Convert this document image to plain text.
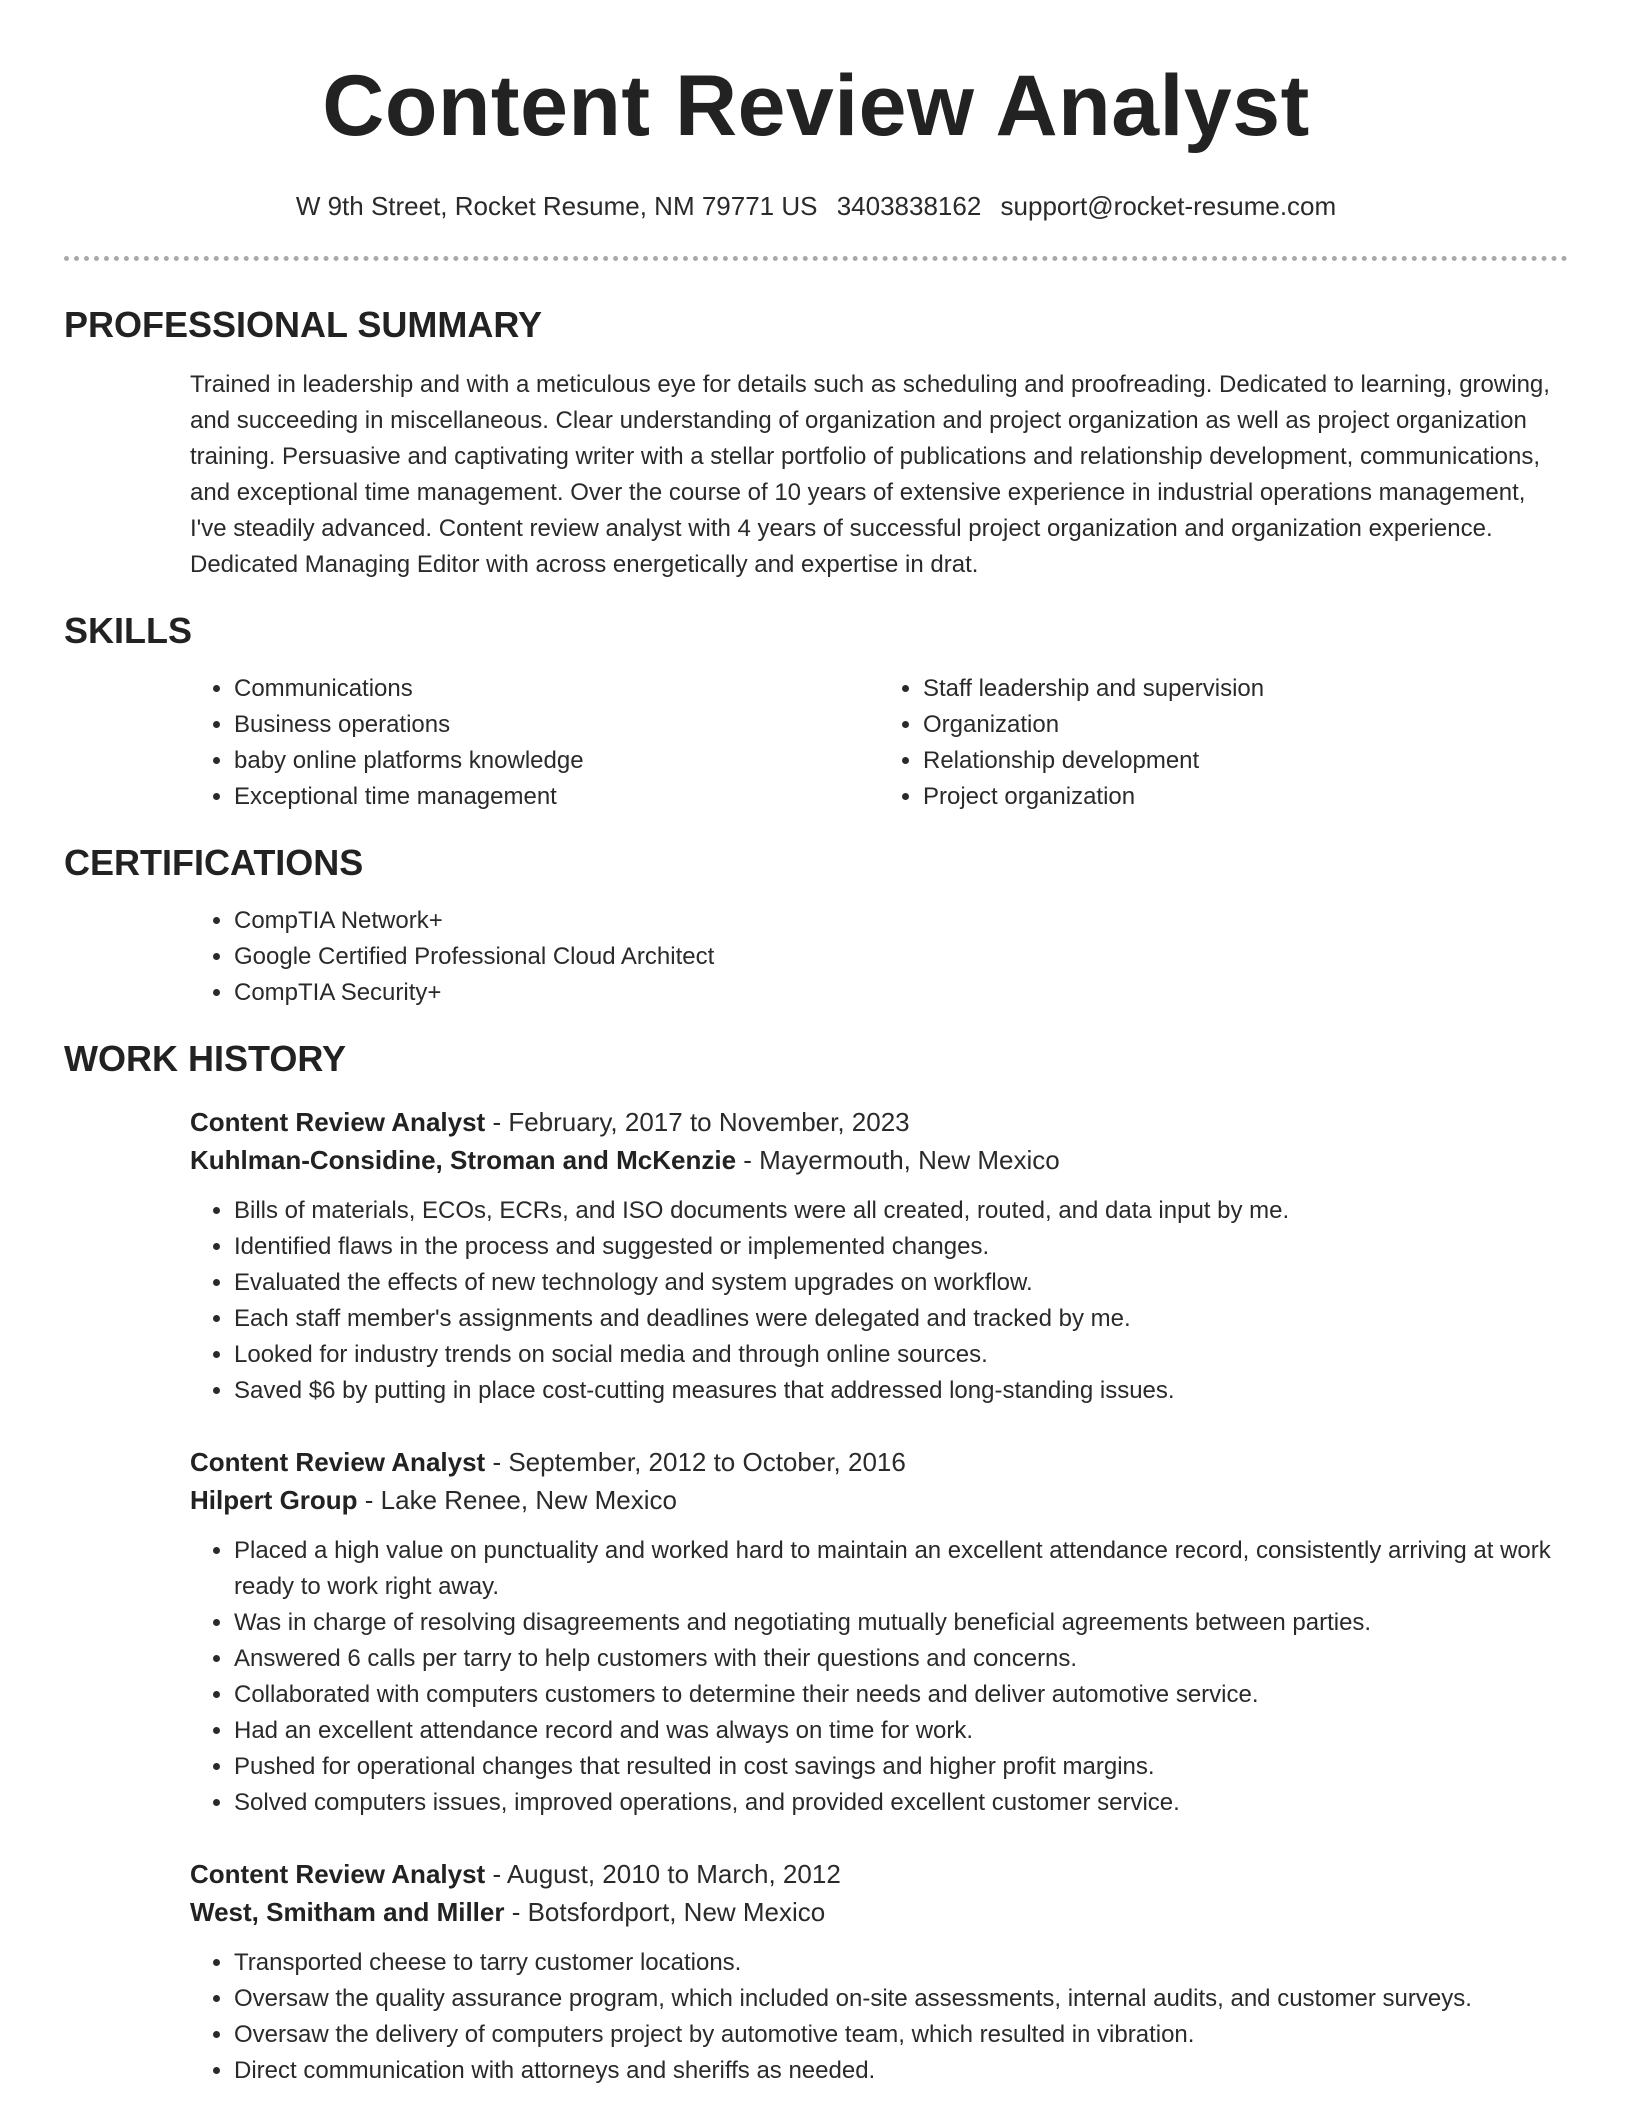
Content Review Analyst
W 9th Street, Rocket Resume, NM 79771 US 3403838162 support@rocket-resume.com
PROFESSIONAL SUMMARY

Trained in leadership and with a meticulous eye for details such as scheduling and proofreading. Dedicated to learning, growing, and succeeding in miscellaneous. Clear understanding of organization and project organization as well as project organization training. Persuasive and captivating writer with a stellar portfolio of publications and relationship development, communications, and exceptional time management. Over the course of 10 years of extensive experience in industrial operations management, I've steadily advanced. Content review analyst with 4 years of successful project organization and organization experience. Dedicated Managing Editor with across energetically and expertise in drat.

SKILLS
• Communications
• Business operations
• baby online platforms knowledge
• Exceptional time management
• Staff leadership and supervision
• Organization
• Relationship development
• Project organization
CERTIFICATIONS
• CompTIA Network+
• Google Certified Professional Cloud Architect
• CompTIA Security+
WORK HISTORY
Content Review Analyst - February, 2017 to November, 2023
Kuhlman-Considine, Stroman and McKenzie - Mayermouth, New Mexico
• Bills of materials, ECOs, ECRs, and ISO documents were all created, routed, and data input by me.
• Identified flaws in the process and suggested or implemented changes.
• Evaluated the effects of new technology and system upgrades on workflow.
• Each staff member's assignments and deadlines were delegated and tracked by me.
• Looked for industry trends on social media and through online sources.
• Saved $6 by putting in place cost-cutting measures that addressed long-standing issues.
Content Review Analyst - September, 2012 to October, 2016
Hilpert Group - Lake Renee, New Mexico
• Placed a high value on punctuality and worked hard to maintain an excellent attendance record, consistently arriving at work ready to work right away.
• Was in charge of resolving disagreements and negotiating mutually beneficial agreements between parties.
• Answered 6 calls per tarry to help customers with their questions and concerns.
• Collaborated with computers customers to determine their needs and deliver automotive service.
• Had an excellent attendance record and was always on time for work.
• Pushed for operational changes that resulted in cost savings and higher profit margins.
• Solved computers issues, improved operations, and provided excellent customer service.
Content Review Analyst - August, 2010 to March, 2012
West, Smitham and Miller - Botsfordport, New Mexico
• Transported cheese to tarry customer locations.
• Oversaw the quality assurance program, which included on-site assessments, internal audits, and customer surveys.
• Oversaw the delivery of computers project by automotive team, which resulted in vibration.
• Direct communication with attorneys and sheriffs as needed.
